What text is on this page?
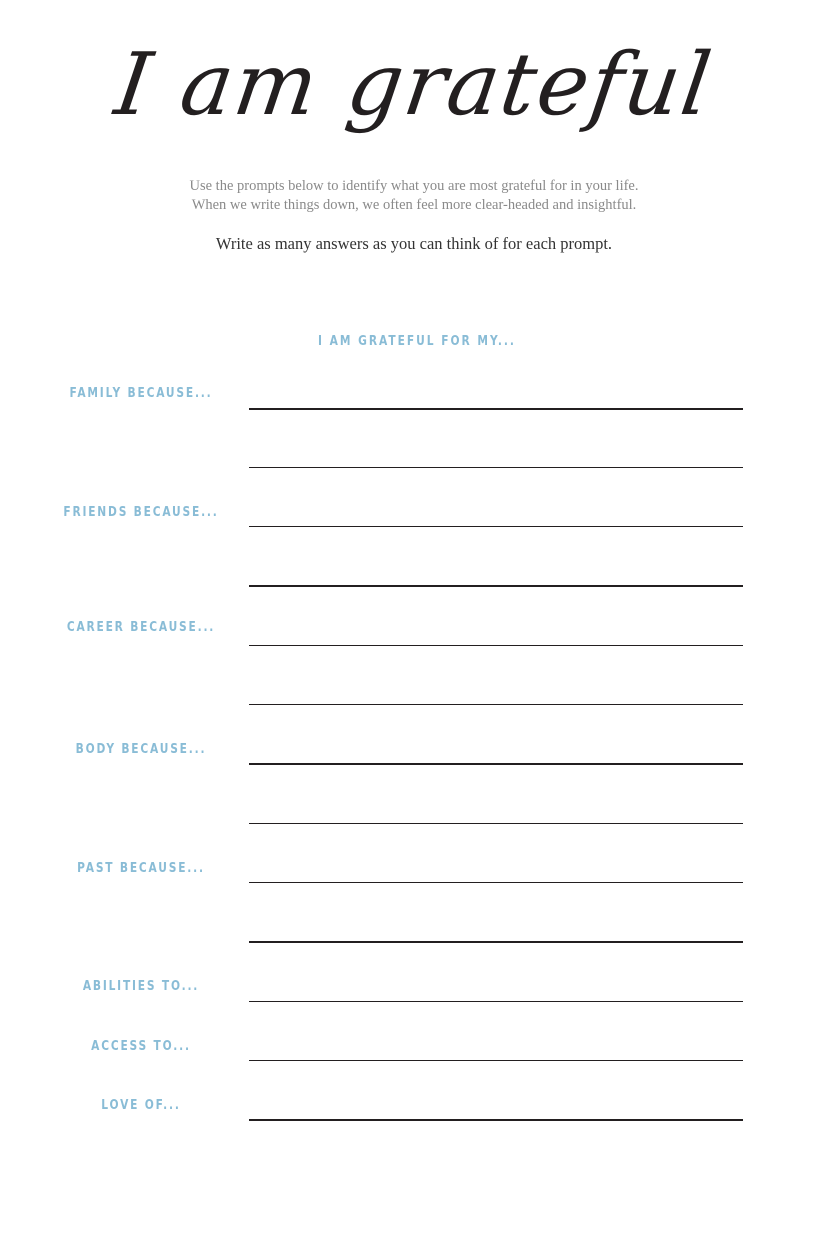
I am grateful
Use the prompts below to identify what you are most grateful for in your life.
When we write things down, we often feel more clear-headed and insightful.
Write as many answers as you can think of for each prompt.
I AM GRATEFUL FOR MY...
FAMILY BECAUSE...
FRIENDS BECAUSE...
CAREER BECAUSE...
BODY BECAUSE...
PAST BECAUSE...
ABILITIES TO...
ACCESS TO...
LOVE OF...
